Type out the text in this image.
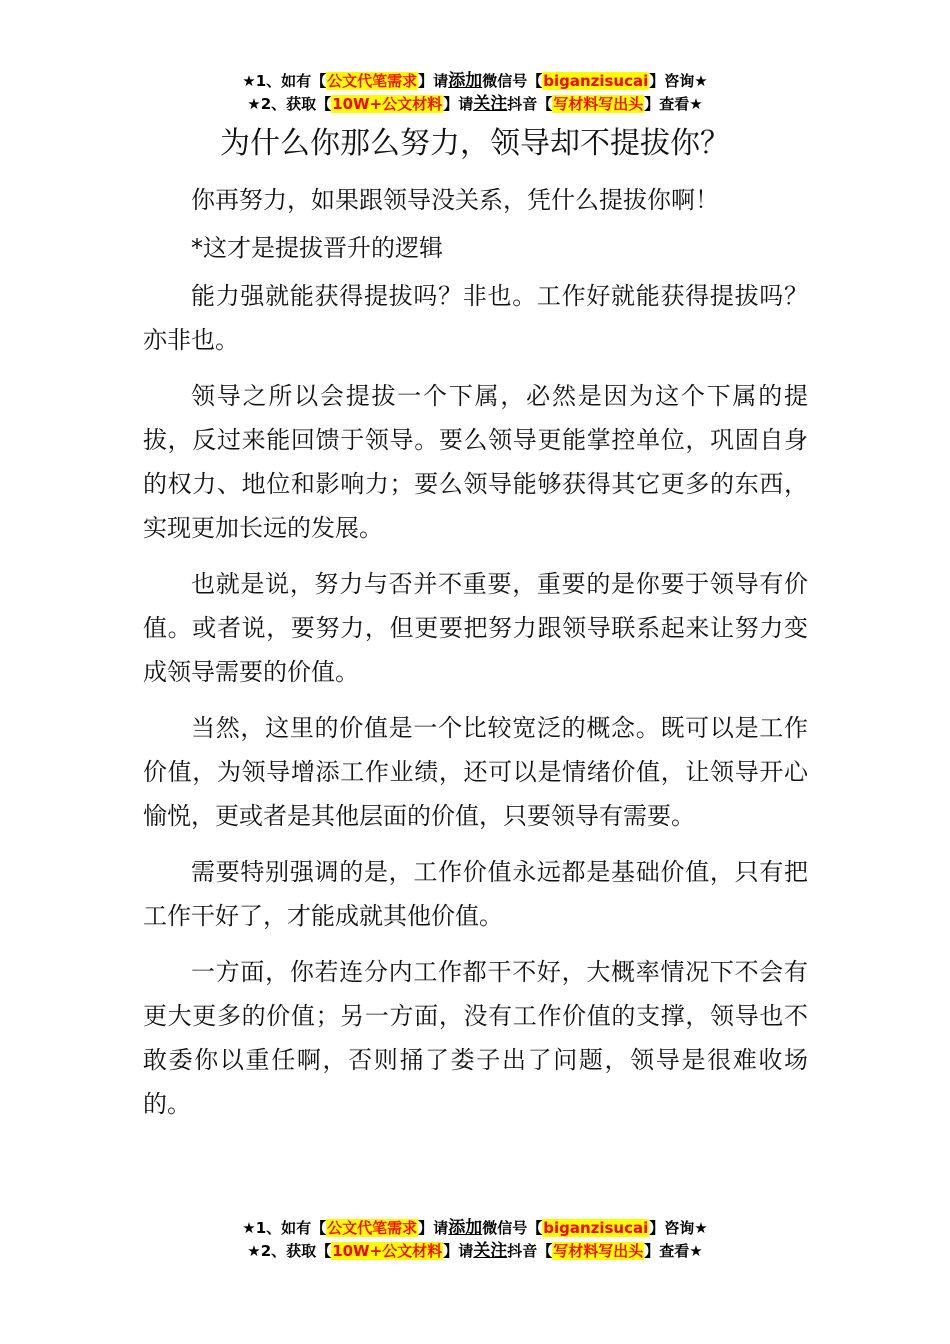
★1、如有【公文代笔需求】请添加微信号【biganzisucai】咨询★
★2、获取【10W+公文材料】请关注抖音【写材料写出头】查看★
为什么你那么努力，领导却不提拔你？

你再努力，如果跟领导没关系，凭什么提拔你啊！

*这才是提拔晋升的逻辑

能力强就能获得提拔吗？非也。工作好就能获得提拔吗？亦非也。

领导之所以会提拔一个下属，必然是因为这个下属的提拔，反过来能回馈于领导。要么领导更能掌控单位，巩固自身的权力、地位和影响力；要么领导能够获得其它更多的东西，实现更加长远的发展。

也就是说，努力与否并不重要，重要的是你要于领导有价值。或者说，要努力，但更要把努力跟领导联系起来让努力变成领导需要的价值。

当然，这里的价值是一个比较宽泛的概念。既可以是工作价值，为领导增添工作业绩，还可以是情绪价值，让领导开心愉悦，更或者是其他层面的价值，只要领导有需要。

需要特别强调的是，工作价值永远都是基础价值，只有把工作干好了，才能成就其他价值。

一方面，你若连分内工作都干不好，大概率情况下不会有更大更多的价值；另一方面，没有工作价值的支撑，领导也不敢委你以重任啊，否则捅了娄子出了问题，领导是很难收场的。

★1、如有【公文代笔需求】请添加微信号【biganzisucai】咨询★
★2、获取【10W+公文材料】请关注抖音【写材料写出头】查看★
